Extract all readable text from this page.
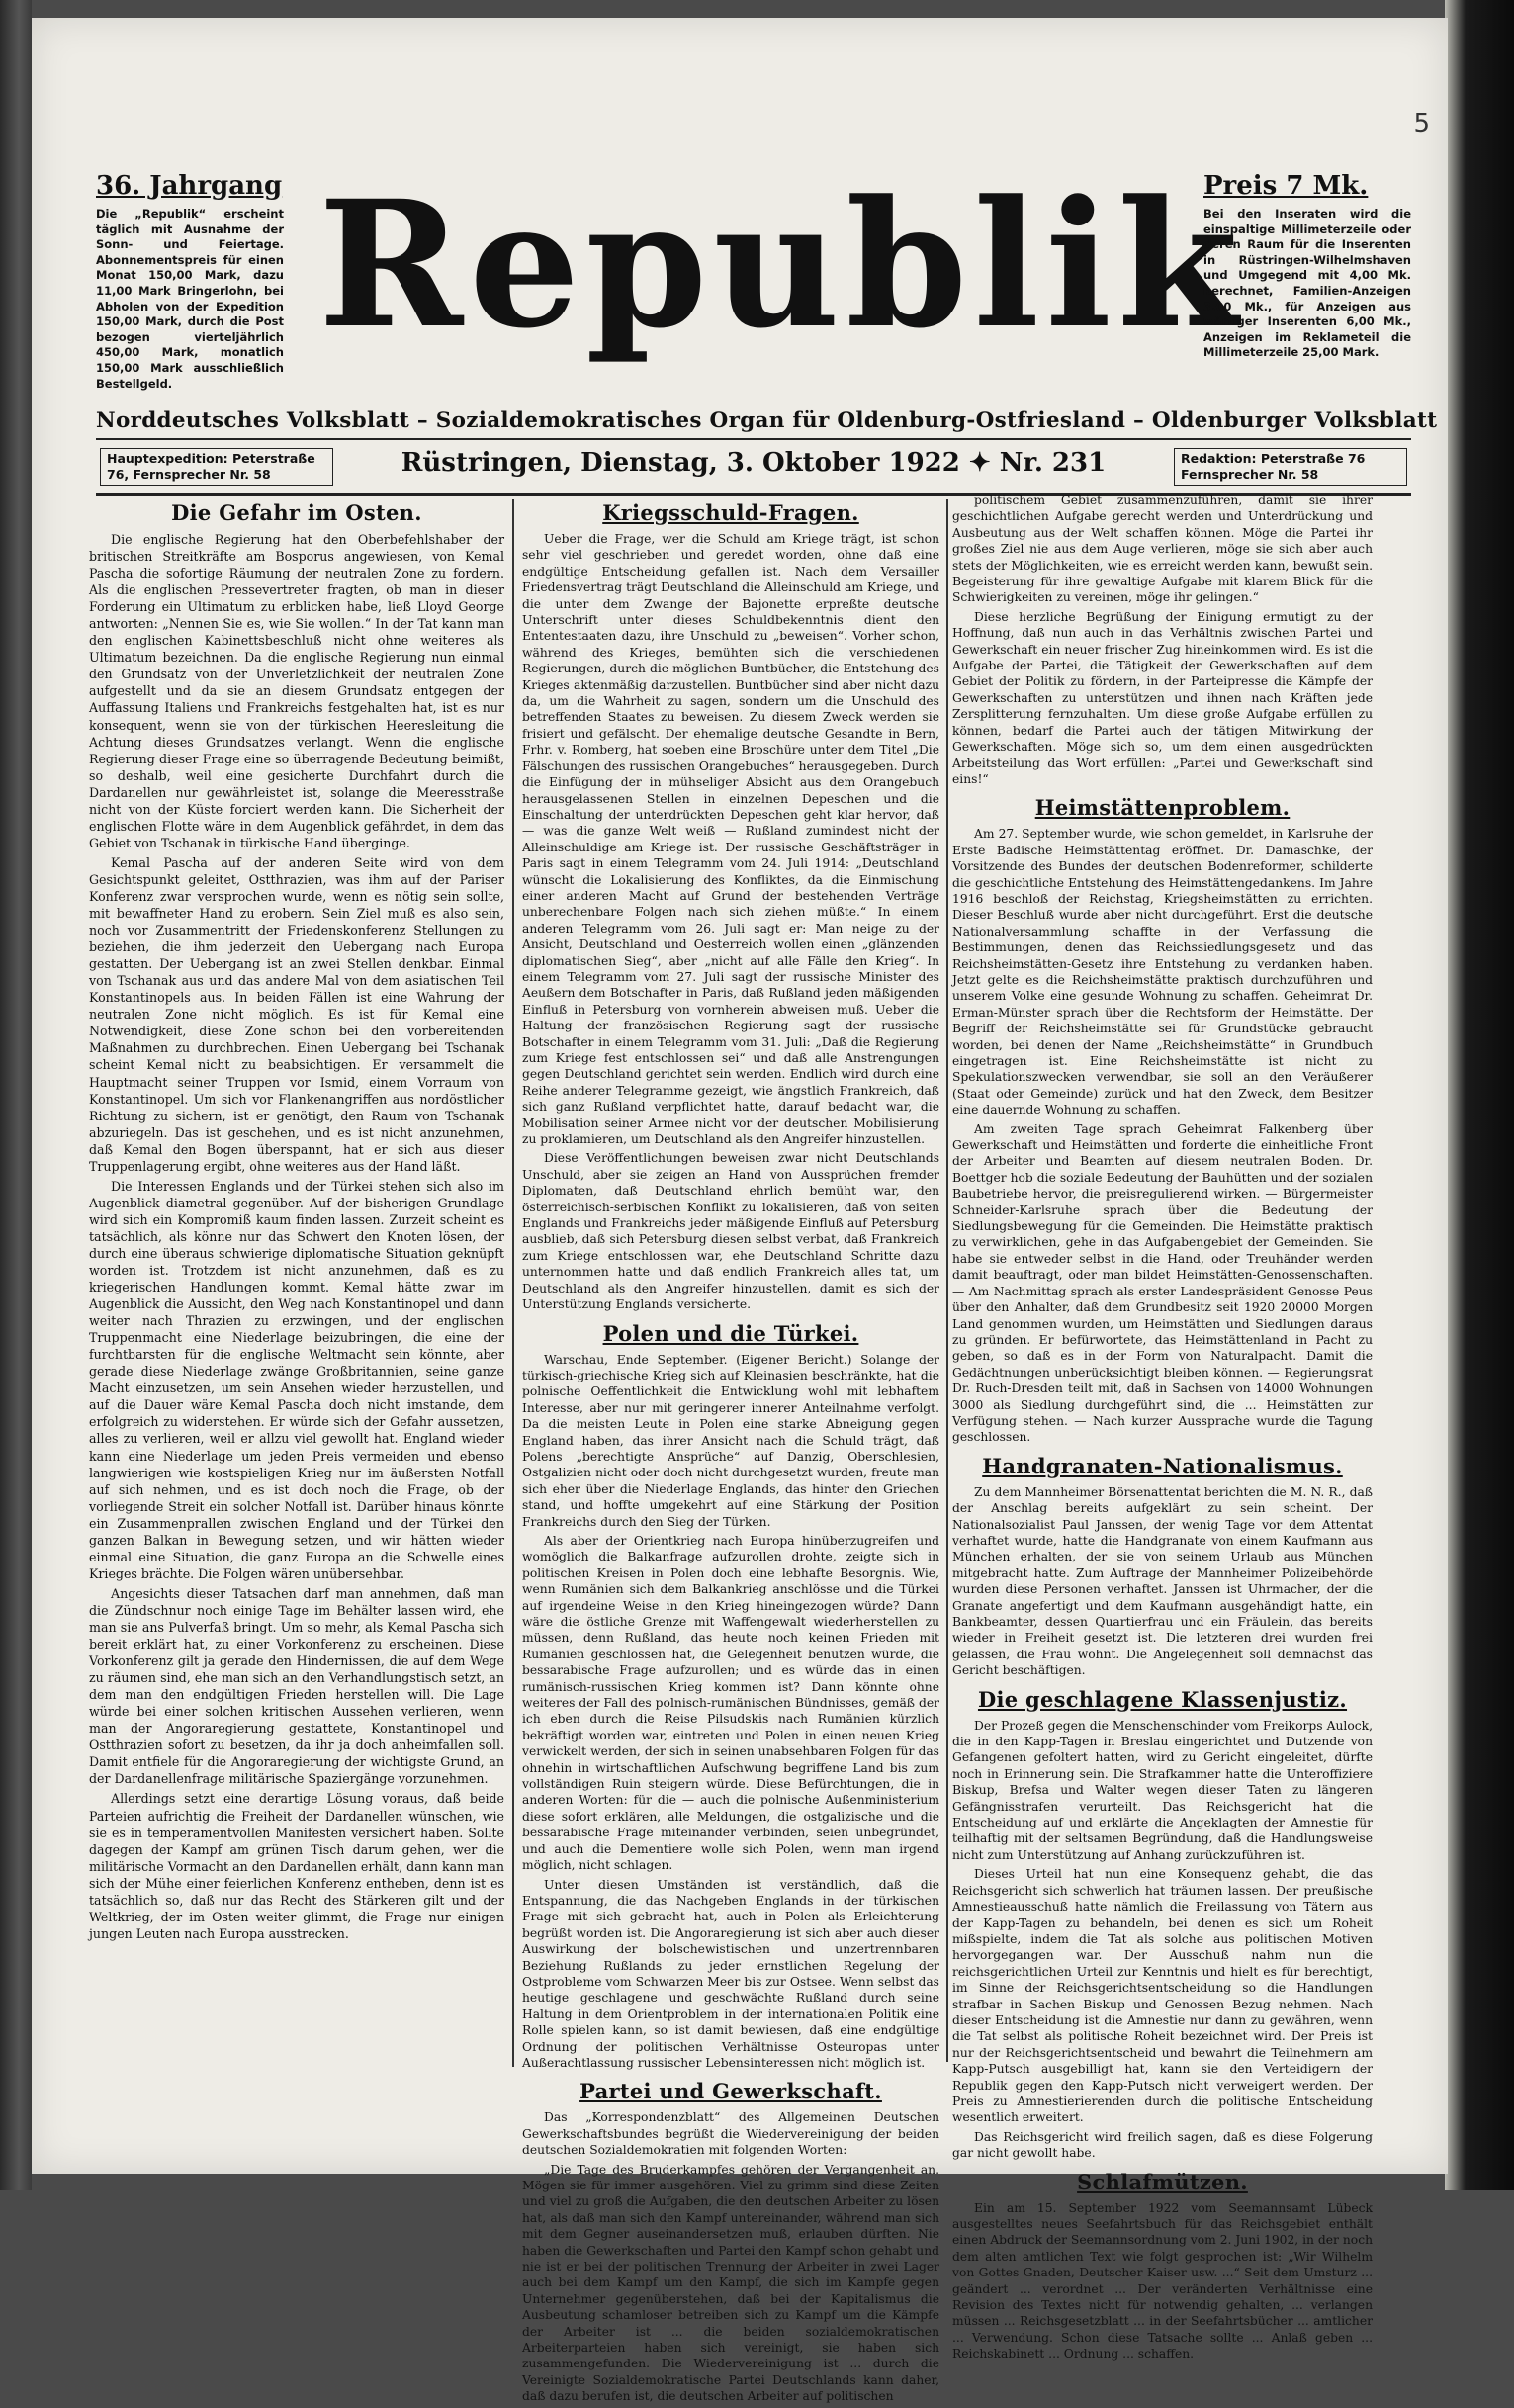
5
36. Jahrgang
Die „Republik“ erscheint täglich mit Ausnahme der Sonn- und Feiertage. Abonnementspreis für einen Monat 150,00 Mark, dazu 11,00 Mark Bringerlohn, bei Abholen von der Expedition 150,00 Mark, durch die Post bezogen vierteljährlich 450,00 Mark, monatlich 150,00 Mark ausschließlich Bestellgeld.
Republik
Preis 7 Mk.
Bei den Inseraten wird die einspaltige Millimeterzeile oder deren Raum für die Inserenten in Rüstringen-Wilhelmshaven und Umgegend mit 4,00 Mk. berechnet, Familien-Anzeigen 3,00 Mk., für Anzeigen aus wärtiger Inserenten 6,00 Mk., Anzeigen im Reklameteil die Millimeterzeile 25,00 Mark.
Norddeutsches Volksblatt – Sozialdemokratisches Organ für Oldenburg-Ostfriesland – Oldenburger Volksblatt
Hauptexpedition: Peterstraße 76, Fernsprecher Nr. 58	Rüstringen, Dienstag, 3. Oktober 1922 ✦ Nr. 231	Redaktion: Peterstraße 76 Fernsprecher Nr. 58
Die Gefahr im Osten.

Die englische Regierung hat den Oberbefehlshaber der britischen Streitkräfte am Bosporus angewiesen, von Kemal Pascha die sofortige Räumung der neutralen Zone zu fordern. Als die englischen Pressevertreter fragten, ob man in dieser Forderung ein Ultimatum zu erblicken habe, ließ Lloyd George antworten: „Nennen Sie es, wie Sie wollen.“ In der Tat kann man den englischen Kabinettsbeschluß nicht ohne weiteres als Ultimatum bezeichnen. Da die englische Regierung nun einmal den Grundsatz von der Unverletzlichkeit der neutralen Zone aufgestellt und da sie an diesem Grundsatz entgegen der Auffassung Italiens und Frankreichs festgehalten hat, ist es nur konsequent, wenn sie von der türkischen Heeresleitung die Achtung dieses Grundsatzes verlangt. Wenn die englische Regierung dieser Frage eine so überragende Bedeutung beimißt, so deshalb, weil eine gesicherte Durchfahrt durch die Dardanellen nur gewährleistet ist, solange die Meeresstraße nicht von der Küste forciert werden kann. Die Sicherheit der englischen Flotte wäre in dem Augenblick gefährdet, in dem das Gebiet von Tschanak in türkische Hand überginge.

Kemal Pascha auf der anderen Seite wird von dem Gesichtspunkt geleitet, Ostthrazien, was ihm auf der Pariser Konferenz zwar versprochen wurde, wenn es nötig sein sollte, mit bewaffneter Hand zu erobern. Sein Ziel muß es also sein, noch vor Zusammentritt der Friedenskonferenz Stellungen zu beziehen, die ihm jederzeit den Uebergang nach Europa gestatten. Der Uebergang ist an zwei Stellen denkbar. Einmal von Tschanak aus und das andere Mal von dem asiatischen Teil Konstantinopels aus. In beiden Fällen ist eine Wahrung der neutralen Zone nicht möglich. Es ist für Kemal eine Notwendigkeit, diese Zone schon bei den vorbereitenden Maßnahmen zu durchbrechen. Einen Uebergang bei Tschanak scheint Kemal nicht zu beabsichtigen. Er versammelt die Hauptmacht seiner Truppen vor Ismid, einem Vorraum von Konstantinopel. Um sich vor Flankenangriffen aus nordöstlicher Richtung zu sichern, ist er genötigt, den Raum von Tschanak abzuriegeln. Das ist geschehen, und es ist nicht anzunehmen, daß Kemal den Bogen überspannt, hat er sich aus dieser Truppenlagerung ergibt, ohne weiteres aus der Hand läßt.

Die Interessen Englands und der Türkei stehen sich also im Augenblick diametral gegenüber. Auf der bisherigen Grundlage wird sich ein Kompromiß kaum finden lassen. Zurzeit scheint es tatsächlich, als könne nur das Schwert den Knoten lösen, der durch eine überaus schwierige diplomatische Situation geknüpft worden ist. Trotzdem ist nicht anzunehmen, daß es zu kriegerischen Handlungen kommt. Kemal hätte zwar im Augenblick die Aussicht, den Weg nach Konstantinopel und dann weiter nach Thrazien zu erzwingen, und der englischen Truppenmacht eine Niederlage beizubringen, die eine der furchtbarsten für die englische Weltmacht sein könnte, aber gerade diese Niederlage zwänge Großbritannien, seine ganze Macht einzusetzen, um sein Ansehen wieder herzustellen, und auf die Dauer wäre Kemal Pascha doch nicht imstande, dem erfolgreich zu widerstehen. Er würde sich der Gefahr aussetzen, alles zu verlieren, weil er allzu viel gewollt hat. England wieder kann eine Niederlage um jeden Preis vermeiden und ebenso langwierigen wie kostspieligen Krieg nur im äußersten Notfall auf sich nehmen, und es ist doch noch die Frage, ob der vorliegende Streit ein solcher Notfall ist. Darüber hinaus könnte ein Zusammenprallen zwischen England und der Türkei den ganzen Balkan in Bewegung setzen, und wir hätten wieder einmal eine Situation, die ganz Europa an die Schwelle eines Krieges brächte. Die Folgen wären unübersehbar.

Angesichts dieser Tatsachen darf man annehmen, daß man die Zündschnur noch einige Tage im Behälter lassen wird, ehe man sie ans Pulverfaß bringt. Um so mehr, als Kemal Pascha sich bereit erklärt hat, zu einer Vorkonferenz zu erscheinen. Diese Vorkonferenz gilt ja gerade den Hindernissen, die auf dem Wege zu räumen sind, ehe man sich an den Verhandlungstisch setzt, an dem man den endgültigen Frieden herstellen will. Die Lage würde bei einer solchen kritischen Aussehen verlieren, wenn man der Angoraregierung gestattete, Konstantinopel und Ostthrazien sofort zu besetzen, da ihr ja doch anheimfallen soll. Damit entfiele für die Angoraregierung der wichtigste Grund, an der Dardanellenfrage militärische Spaziergänge vorzunehmen.

Allerdings setzt eine derartige Lösung voraus, daß beide Parteien aufrichtig die Freiheit der Dardanellen wünschen, wie sie es in temperamentvollen Manifesten versichert haben. Sollte dagegen der Kampf am grünen Tisch darum gehen, wer die militärische Vormacht an den Dardanellen erhält, dann kann man sich der Mühe einer feierlichen Konferenz entheben, denn ist es tatsächlich so, daß nur das Recht des Stärkeren gilt und der Weltkrieg, der im Osten weiter glimmt, die Frage nur einigen jungen Leuten nach Europa ausstrecken.

Kriegsschuld-Fragen.

Ueber die Frage, wer die Schuld am Kriege trägt, ist schon sehr viel geschrieben und geredet worden, ohne daß eine endgültige Entscheidung gefallen ist. Nach dem Versailler Friedensvertrag trägt Deutschland die Alleinschuld am Kriege, und die unter dem Zwange der Bajonette erpreßte deutsche Unterschrift unter dieses Schuldbekenntnis dient den Ententestaaten dazu, ihre Unschuld zu „beweisen“. Vorher schon, während des Krieges, bemühten sich die verschiedenen Regierungen, durch die möglichen Buntbücher, die Entstehung des Krieges aktenmäßig darzustellen. Buntbücher sind aber nicht dazu da, um die Wahrheit zu sagen, sondern um die Unschuld des betreffenden Staates zu beweisen. Zu diesem Zweck werden sie frisiert und gefälscht. Der ehemalige deutsche Gesandte in Bern, Frhr. v. Romberg, hat soeben eine Broschüre unter dem Titel „Die Fälschungen des russischen Orangebuches“ herausgegeben. Durch die Einfügung der in mühseliger Absicht aus dem Orangebuch herausgelassenen Stellen in einzelnen Depeschen und die Einschaltung der unterdrückten Depeschen geht klar hervor, daß — was die ganze Welt weiß — Rußland zumindest nicht der Alleinschuldige am Kriege ist. Der russische Geschäftsträger in Paris sagt in einem Telegramm vom 24. Juli 1914: „Deutschland wünscht die Lokalisierung des Konfliktes, da die Einmischung einer anderen Macht auf Grund der bestehenden Verträge unberechenbare Folgen nach sich ziehen müßte.“ In einem anderen Telegramm vom 26. Juli sagt er: Man neige zu der Ansicht, Deutschland und Oesterreich wollen einen „glänzenden diplomatischen Sieg“, aber „nicht auf alle Fälle den Krieg“. In einem Telegramm vom 27. Juli sagt der russische Minister des Aeußern dem Botschafter in Paris, daß Rußland jeden mäßigenden Einfluß in Petersburg von vornherein abweisen muß. Ueber die Haltung der französischen Regierung sagt der russische Botschafter in einem Telegramm vom 31. Juli: „Daß die Regierung zum Kriege fest entschlossen sei“ und daß alle Anstrengungen gegen Deutschland gerichtet sein werden. Endlich wird durch eine Reihe anderer Telegramme gezeigt, wie ängstlich Frankreich, daß sich ganz Rußland verpflichtet hatte, darauf bedacht war, die Mobilisation seiner Armee nicht vor der deutschen Mobilisierung zu proklamieren, um Deutschland als den Angreifer hinzustellen.

Diese Veröffentlichungen beweisen zwar nicht Deutschlands Unschuld, aber sie zeigen an Hand von Aussprüchen fremder Diplomaten, daß Deutschland ehrlich bemüht war, den österreichisch-serbischen Konflikt zu lokalisieren, daß von seiten Englands und Frankreichs jeder mäßigende Einfluß auf Petersburg ausblieb, daß sich Petersburg diesen selbst verbat, daß Frankreich zum Kriege entschlossen war, ehe Deutschland Schritte dazu unternommen hatte und daß endlich Frankreich alles tat, um Deutschland als den Angreifer hinzustellen, damit es sich der Unterstützung Englands versicherte.

Polen und die Türkei.

Warschau, Ende September. (Eigener Bericht.) Solange der türkisch-griechische Krieg sich auf Kleinasien beschränkte, hat die polnische Oeffentlichkeit die Entwicklung wohl mit lebhaftem Interesse, aber nur mit geringerer innerer Anteilnahme verfolgt. Da die meisten Leute in Polen eine starke Abneigung gegen England haben, das ihrer Ansicht nach die Schuld trägt, daß Polens „berechtigte Ansprüche“ auf Danzig, Oberschlesien, Ostgalizien nicht oder doch nicht durchgesetzt wurden, freute man sich eher über die Niederlage Englands, das hinter den Griechen stand, und hoffte umgekehrt auf eine Stärkung der Position Frankreichs durch den Sieg der Türken.

Als aber der Orientkrieg nach Europa hinüberzugreifen und womöglich die Balkanfrage aufzurollen drohte, zeigte sich in politischen Kreisen in Polen doch eine lebhafte Besorgnis. Wie, wenn Rumänien sich dem Balkankrieg anschlösse und die Türkei auf irgendeine Weise in den Krieg hineingezogen würde? Dann wäre die östliche Grenze mit Waffengewalt wiederherstellen zu müssen, denn Rußland, das heute noch keinen Frieden mit Rumänien geschlossen hat, die Gelegenheit benutzen würde, die bessarabische Frage aufzurollen; und es würde das in einen rumänisch-russischen Krieg kommen ist? Dann könnte ohne weiteres der Fall des polnisch-rumänischen Bündnisses, gemäß der ich eben durch die Reise Pilsudskis nach Rumänien kürzlich bekräftigt worden war, eintreten und Polen in einen neuen Krieg verwickelt werden, der sich in seinen unabsehbaren Folgen für das ohnehin in wirtschaftlichen Aufschwung begriffene Land bis zum vollständigen Ruin steigern würde. Diese Befürchtungen, die in anderen Worten: für die — auch die polnische Außenministerium diese sofort erklären, alle Meldungen, die ostgalizische und die bessarabische Frage miteinander verbinden, seien unbegründet, und auch die Dementiere wolle sich Polen, wenn man irgend möglich, nicht schlagen.

Unter diesen Umständen ist verständlich, daß die Entspannung, die das Nachgeben Englands in der türkischen Frage mit sich gebracht hat, auch in Polen als Erleichterung begrüßt worden ist. Die Angoraregierung ist sich aber auch dieser Auswirkung der bolschewistischen und unzertrennbaren Beziehung Rußlands zu jeder ernstlichen Regelung der Ostprobleme vom Schwarzen Meer bis zur Ostsee. Wenn selbst das heutige geschlagene und geschwächte Rußland durch seine Haltung in dem Orientproblem in der internationalen Politik eine Rolle spielen kann, so ist damit bewiesen, daß eine endgültige Ordnung der politischen Verhältnisse Osteuropas unter Außerachtlassung russischer Lebensinteressen nicht möglich ist.

Partei und Gewerkschaft.

Das „Korrespondenzblatt“ des Allgemeinen Deutschen Gewerkschaftsbundes begrüßt die Wiedervereinigung der beiden deutschen Sozialdemokratien mit folgenden Worten:

„Die Tage des Bruderkampfes gehören der Vergangenheit an. Mögen sie für immer ausgehören. Viel zu grimm sind diese Zeiten und viel zu groß die Aufgaben, die den deutschen Arbeiter zu lösen hat, als daß man sich den Kampf untereinander, während man sich mit dem Gegner auseinandersetzen muß, erlauben dürften. Nie haben die Gewerkschaften und Partei den Kampf schon gehabt und nie ist er bei der politischen Trennung der Arbeiter in zwei Lager auch bei dem Kampf um den Kampf, die sich im Kampfe gegen Unternehmer gegenüberstehen, daß bei der Kapitalismus die Ausbeutung schamloser betreiben sich zu Kampf um die Kämpfe der Arbeiter ist ... die beiden sozialdemokratischen Arbeiterparteien haben sich vereinigt, sie haben sich zusammengefunden. Die Wiedervereinigung ist ... durch die Vereinigte Sozialdemokratische Partei Deutschlands kann daher, daß dazu berufen ist, die deutschen Arbeiter auf politischen

politischem Gebiet zusammenzuführen, damit sie ihrer geschichtlichen Aufgabe gerecht werden und Unterdrückung und Ausbeutung aus der Welt schaffen können. Möge die Partei ihr großes Ziel nie aus dem Auge verlieren, möge sie sich aber auch stets der Möglichkeiten, wie es erreicht werden kann, bewußt sein. Begeisterung für ihre gewaltige Aufgabe mit klarem Blick für die Schwierigkeiten zu vereinen, möge ihr gelingen.“

Diese herzliche Begrüßung der Einigung ermutigt zu der Hoffnung, daß nun auch in das Verhältnis zwischen Partei und Gewerkschaft ein neuer frischer Zug hineinkommen wird. Es ist die Aufgabe der Partei, die Tätigkeit der Gewerkschaften auf dem Gebiet der Politik zu fördern, in der Parteipresse die Kämpfe der Gewerkschaften zu unterstützen und ihnen nach Kräften jede Zersplitterung fernzuhalten. Um diese große Aufgabe erfüllen zu können, bedarf die Partei auch der tätigen Mitwirkung der Gewerkschaften. Möge sich so, um dem einen ausgedrückten Arbeitsteilung das Wort erfüllen: „Partei und Gewerkschaft sind eins!“

Heimstättenproblem.

Am 27. September wurde, wie schon gemeldet, in Karlsruhe der Erste Badische Heimstättentag eröffnet. Dr. Damaschke, der Vorsitzende des Bundes der deutschen Bodenreformer, schilderte die geschichtliche Entstehung des Heimstättengedankens. Im Jahre 1916 beschloß der Reichstag, Kriegsheimstätten zu errichten. Dieser Beschluß wurde aber nicht durchgeführt. Erst die deutsche Nationalversammlung schaffte in der Verfassung die Bestimmungen, denen das Reichssiedlungsgesetz und das Reichsheimstätten-Gesetz ihre Entstehung zu verdanken haben. Jetzt gelte es die Reichsheimstätte praktisch durchzuführen und unserem Volke eine gesunde Wohnung zu schaffen. Geheimrat Dr. Erman-Münster sprach über die Rechtsform der Heimstätte. Der Begriff der Reichsheimstätte sei für Grundstücke gebraucht worden, bei denen der Name „Reichsheimstätte“ in Grundbuch eingetragen ist. Eine Reichsheimstätte ist nicht zu Spekulationszwecken verwendbar, sie soll an den Veräußerer (Staat oder Gemeinde) zurück und hat den Zweck, dem Besitzer eine dauernde Wohnung zu schaffen.

Am zweiten Tage sprach Geheimrat Falkenberg über Gewerkschaft und Heimstätten und forderte die einheitliche Front der Arbeiter und Beamten auf diesem neutralen Boden. Dr. Boettger hob die soziale Bedeutung der Bauhütten und der sozialen Baubetriebe hervor, die preisregulierend wirken. — Bürgermeister Schneider-Karlsruhe sprach über die Bedeutung der Siedlungsbewegung für die Gemeinden. Die Heimstätte praktisch zu verwirklichen, gehe in das Aufgabengebiet der Gemeinden. Sie habe sie entweder selbst in die Hand, oder Treuhänder werden damit beauftragt, oder man bildet Heimstätten-Genossenschaften. — Am Nachmittag sprach als erster Landespräsident Genosse Peus über den Anhalter, daß dem Grundbesitz seit 1920 20000 Morgen Land genommen wurden, um Heimstätten und Siedlungen daraus zu gründen. Er befürwortete, das Heimstättenland in Pacht zu geben, so daß es in der Form von Naturalpacht. Damit die Gedächtnungen unberücksichtigt bleiben können. — Regierungsrat Dr. Ruch-Dresden teilt mit, daß in Sachsen von 14000 Wohnungen 3000 als Siedlung durchgeführt sind, die ... Heimstätten zur Verfügung stehen. — Nach kurzer Aussprache wurde die Tagung geschlossen.

Handgranaten-Nationalismus.

Zu dem Mannheimer Börsenattentat berichten die M. N. R., daß der Anschlag bereits aufgeklärt zu sein scheint. Der Nationalsozialist Paul Janssen, der wenig Tage vor dem Attentat verhaftet wurde, hatte die Handgranate von einem Kaufmann aus München erhalten, der sie von seinem Urlaub aus München mitgebracht hatte. Zum Auftrage der Mannheimer Polizeibehörde wurden diese Personen verhaftet. Janssen ist Uhrmacher, der die Granate angefertigt und dem Kaufmann ausgehändigt hatte, ein Bankbeamter, dessen Quartierfrau und ein Fräulein, das bereits wieder in Freiheit gesetzt ist. Die letzteren drei wurden frei gelassen, die Frau wohnt. Die Angelegenheit soll demnächst das Gericht beschäftigen.

Die geschlagene Klassenjustiz.

Der Prozeß gegen die Menschenschinder vom Freikorps Aulock, die in den Kapp-Tagen in Breslau eingerichtet und Dutzende von Gefangenen gefoltert hatten, wird zu Gericht eingeleitet, dürfte noch in Erinnerung sein. Die Strafkammer hatte die Unteroffiziere Biskup, Brefsa und Walter wegen dieser Taten zu längeren Gefängnisstrafen verurteilt. Das Reichsgericht hat die Entscheidung auf und erklärte die Angeklagten der Amnestie für teilhaftig mit der seltsamen Begründung, daß die Handlungsweise nicht zum Unterstützung auf Anhang zurückzuführen ist.

Dieses Urteil hat nun eine Konsequenz gehabt, die das Reichsgericht sich schwerlich hat träumen lassen. Der preußische Amnestieausschuß hatte nämlich die Freilassung von Tätern aus der Kapp-Tagen zu behandeln, bei denen es sich um Roheit mißspielte, indem die Tat als solche aus politischen Motiven hervorgegangen war. Der Ausschuß nahm nun die reichsgerichtlichen Urteil zur Kenntnis und hielt es für berechtigt, im Sinne der Reichsgerichtsentscheidung so die Handlungen strafbar in Sachen Biskup und Genossen Bezug nehmen. Nach dieser Entscheidung ist die Amnestie nur dann zu gewähren, wenn die Tat selbst als politische Roheit bezeichnet wird. Der Preis ist nur der Reichsgerichtsentscheid und bewahrt die Teilnehmern am Kapp-Putsch ausgebilligt hat, kann sie den Verteidigern der Republik gegen den Kapp-Putsch nicht verweigert werden. Der Preis zu Amnestierierenden durch die politische Entscheidung wesentlich erweitert.

Das Reichsgericht wird freilich sagen, daß es diese Folgerung gar nicht gewollt habe.

Schlafmützen.

Ein am 15. September 1922 vom Seemannsamt Lübeck ausgestelltes neues Seefahrtsbuch für das Reichsgebiet enthält einen Abdruck der Seemannsordnung vom 2. Juni 1902, in der noch dem alten amtlichen Text wie folgt gesprochen ist: „Wir Wilhelm von Gottes Gnaden, Deutscher Kaiser usw. ...“ Seit dem Umsturz ... geändert ... verordnet ... Der veränderten Verhältnisse eine Revision des Textes nicht für notwendig gehalten, ... verlangen müssen ... Reichsgesetzblatt ... in der Seefahrtsbücher ... amtlicher ... Verwendung. Schon diese Tatsache sollte ... Anlaß geben ... Reichskabinett ... Ordnung ... schaffen.
